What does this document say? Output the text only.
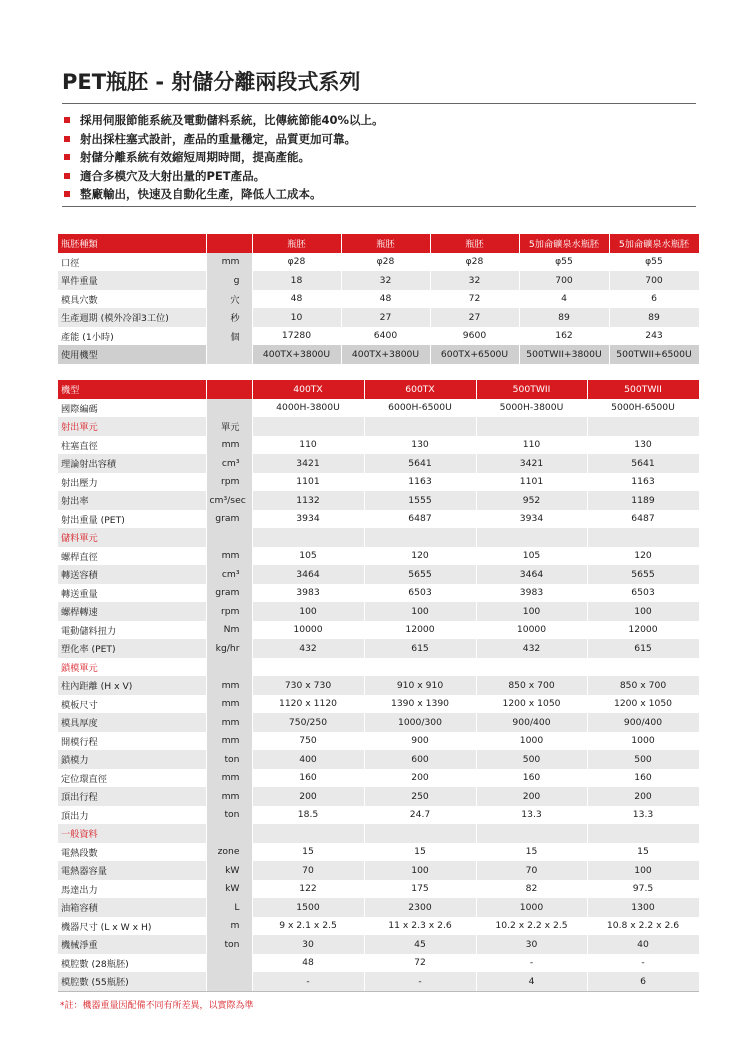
PET瓶胚 - 射儲分離兩段式系列
採用伺服節能系統及電動儲料系統，比傳統節能40%以上。
射出採柱塞式設計，產品的重量穩定，品質更加可靠。
射儲分離系統有效縮短周期時間，提高產能。
適合多模穴及大射出量的PET產品。
整廠輸出，快速及自動化生產，降低人工成本。
瓶胚種類		瓶胚	瓶胚	瓶胚	5加侖礦泉水瓶胚	5加侖礦泉水瓶胚
口徑	mm	φ28	φ28	φ28	φ55	φ55
單件重量	g	18	32	32	700	700
模具穴數	穴	48	48	72	4	6
生產週期 (模外冷卻3工位)	秒	10	27	27	89	89
產能 (1小時)	個	17280	6400	9600	162	243
使用機型		400TX+3800U	400TX+3800U	600TX+6500U	500TWII+3800U	500TWII+6500U
機型		400TX	600TX	500TWII	500TWII
國際編碼		4000H-3800U	6000H-6500U	5000H-3800U	5000H-6500U
射出單元	單元				
柱塞直徑	mm	110	130	110	130
理論射出容積	cm³	3421	5641	3421	5641
射出壓力	rpm	1101	1163	1101	1163
射出率	cm³/sec	1132	1555	952	1189
射出重量 (PET)	gram	3934	6487	3934	6487
儲料單元					
螺桿直徑	mm	105	120	105	120
轉送容積	cm³	3464	5655	3464	5655
轉送重量	gram	3983	6503	3983	6503
螺桿轉速	rpm	100	100	100	100
電動儲料扭力	Nm	10000	12000	10000	12000
塑化率 (PET)	kg/hr	432	615	432	615
鎖模單元					
柱內距離 (H x V)	mm	730 x 730	910 x 910	850 x 700	850 x 700
模板尺寸	mm	1120 x 1120	1390 x 1390	1200 x 1050	1200 x 1050
模具厚度	mm	750/250	1000/300	900/400	900/400
開模行程	mm	750	900	1000	1000
鎖模力	ton	400	600	500	500
定位環直徑	mm	160	200	160	160
頂出行程	mm	200	250	200	200
頂出力	ton	18.5	24.7	13.3	13.3
一般資料					
電熱段數	zone	15	15	15	15
電熱器容量	kW	70	100	70	100
馬達出力	kW	122	175	82	97.5
油箱容積	L	1500	2300	1000	1300
機器尺寸 (L x W x H)	m	9 x 2.1 x 2.5	11 x 2.3 x 2.6	10.2 x 2.2 x 2.5	10.8 x 2.2 x 2.6
機械淨重	ton	30	45	30	40
模腔數 (28瓶胚)		48	72	-	-
模腔數 (55瓶胚)		-	-	4	6
*註：機器重量因配備不同有所差異，以實際為準
